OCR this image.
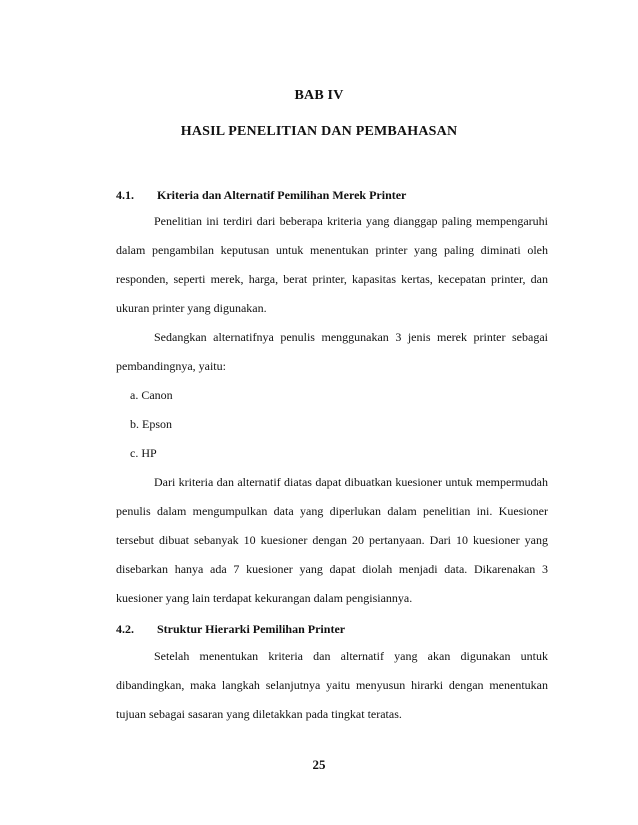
BAB IV
HASIL PENELITIAN DAN PEMBAHASAN
4.1. Kriteria dan Alternatif Pemilihan Merek Printer

Penelitian ini terdiri dari beberapa kriteria yang dianggap paling mempengaruhi dalam pengambilan keputusan untuk menentukan printer yang paling diminati oleh responden, seperti merek, harga, berat printer, kapasitas kertas, kecepatan printer, dan ukuran printer yang digunakan.

Sedangkan alternatifnya penulis menggunakan 3 jenis merek printer sebagai pembandingnya, yaitu:

a. Canon
b. Epson
c. HP

Dari kriteria dan alternatif diatas dapat dibuatkan kuesioner untuk mempermudah penulis dalam mengumpulkan data yang diperlukan dalam penelitian ini. Kuesioner tersebut dibuat sebanyak 10 kuesioner dengan 20 pertanyaan. Dari 10 kuesioner yang disebarkan hanya ada 7 kuesioner yang dapat diolah menjadi data. Dikarenakan 3 kuesioner yang lain terdapat kekurangan dalam pengisiannya.

4.2. Struktur Hierarki Pemilihan Printer

Setelah menentukan kriteria dan alternatif yang akan digunakan untuk dibandingkan, maka langkah selanjutnya yaitu menyusun hirarki dengan menentukan tujuan sebagai sasaran yang diletakkan pada tingkat teratas.

25
